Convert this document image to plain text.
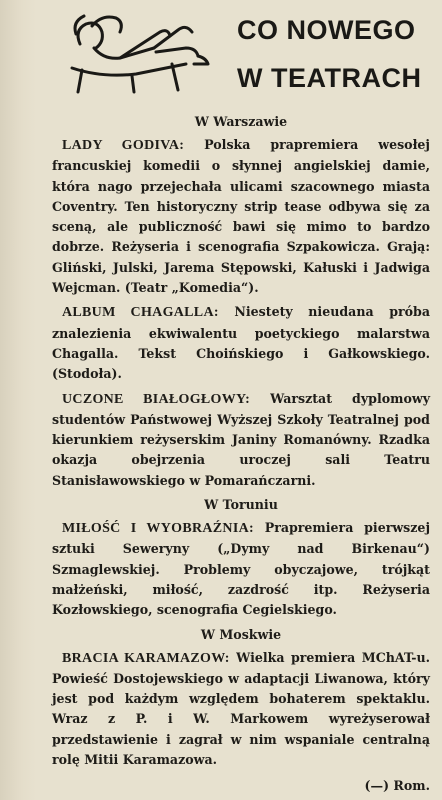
CO NOWEGO
W TEATRACH
W Warszawie

LADY GODIVA: Polska prapremiera wesołej francuskiej komedii o słynnej angielskiej damie, która nago przejechała ulicami szacownego miasta Coventry. Ten historyczny strip tease odbywa się za sceną, ale publiczność bawi się mimo to bardzo dobrze. Reżyseria i scenografia Szpakowicza. Grają: Gliński, Julski, Jarema Stępowski, Kałuski i Jadwiga Wejcman. (Teatr „Komedia“).

ALBUM CHAGALLA: Niestety nieudana próba znalezienia ekwiwalentu poetyckiego malarstwa Chagalla. Tekst Choińskiego i Gałkowskiego. (Stodoła).

UCZONE BIAŁOGŁOWY: Warsztat dyplomowy studentów Państwowej Wyższej Szkoły Teatralnej pod kierunkiem reżyserskim Janiny Romanówny. Rzadka okazja obejrzenia uroczej sali Teatru Stanisławowskiego w Pomarańczarni.

W Toruniu

MIŁOŚĆ I WYOBRAŹNIA: Prapremiera pierwszej sztuki Seweryny („Dymy nad Birkenau“) Szmaglewskiej. Problemy obyczajowe, trójkąt małżeński, miłość, zazdrość itp. Reżyseria Kozłowskiego, scenografia Cegielskiego.

W Moskwie

BRACIA KARAMAZOW: Wielka premiera MChAT-u. Powieść Dostojewskiego w adaptacji Liwanowa, który jest pod każdym względem bohaterem spektaklu. Wraz z P. i W. Markowem wyreżyserował przedstawienie i zagrał w nim wspaniale centralną rolę Mitii Karamazowa.

(—) Rom.
